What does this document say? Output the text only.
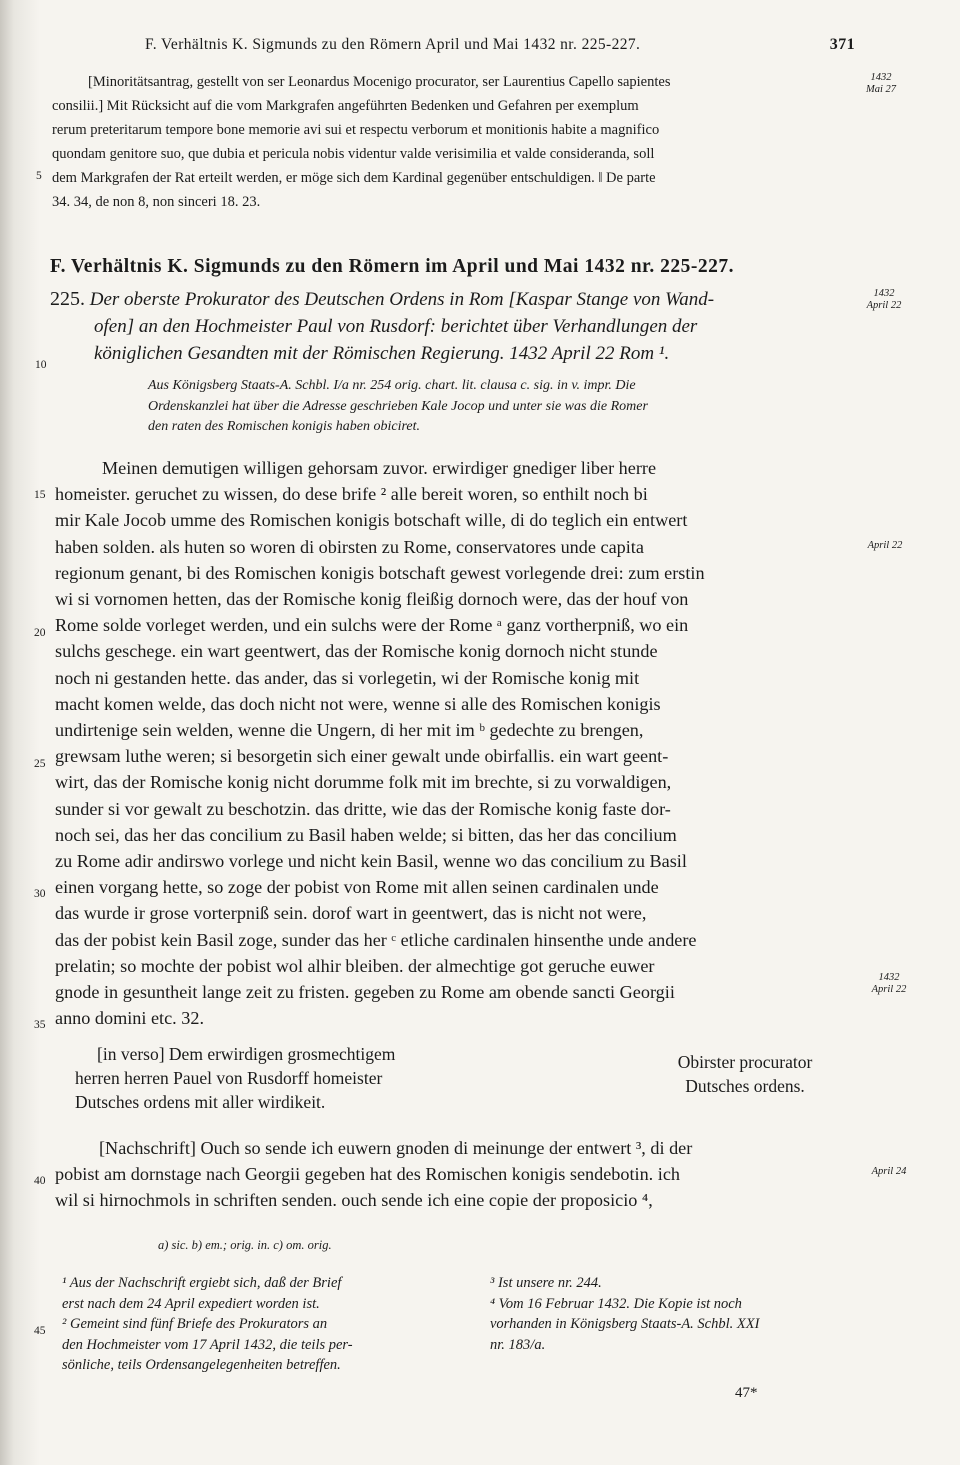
F. Verhältnis K. Sigmunds zu den Römern April und Mai 1432 nr. 225-227.	371

[Minoritätsantrag, gestellt von ser Leonardus Mocenigo procurator, ser Laurentius Capello sapientes

consilii.] Mit Rücksicht auf die vom Markgrafen angeführten Bedenken und Gefahren per exemplum

rerum preteritarum tempore bone memorie avi sui et respectu verborum et monitionis habite a magnifico

quondam genitore suo, que dubia et pericula nobis videntur valde verisimilia et valde consideranda, soll

dem Markgrafen der Rat erteilt werden, er möge sich dem Kardinal gegenüber entschuldigen. ‖ De parte

34. 34, de non 8, non sinceri 18. 23.

1432
Mai 27
5
F. Verhältnis K. Sigmunds zu den Römern im April und Mai 1432 nr. 225-227.
225. Der oberste Prokurator des Deutschen Ordens in Rom [Kaspar Stange von Wand-
ofen] an den Hochmeister Paul von Rusdorf: berichtet über Verhandlungen der
königlichen Gesandten mit der Römischen Regierung. 1432 April 22 Rom ¹.
1432
April 22
10

Aus Königsberg Staats-A. Schbl. I/a nr. 254 orig. chart. lit. clausa c. sig. in v. impr. Die

Ordenskanzlei hat über die Adresse geschrieben Kale Jocop und unter sie was die Romer

den raten des Romischen konigis haben obiciret.

Meinen demutigen willigen gehorsam zuvor. erwirdiger gnediger liber herre

homeister. geruchet zu wissen, do dese brife ² alle bereit woren, so enthilt noch bi

mir Kale Jocob umme des Romischen konigis botschaft wille, di do teglich ein entwert

haben solden. als huten so woren di obirsten zu Rome, conservatores unde capita

regionum genant, bi des Romischen konigis botschaft gewest vorlegende drei: zum erstin

wi si vornomen hetten, das der Romische konig fleißig dornoch were, das der houf von

Rome solde vorleget werden, und ein sulchs were der Rome ᵃ ganz vortherpniß, wo ein

sulchs geschege. ein wart geentwert, das der Romische konig dornoch nicht stunde

noch ni gestanden hette. das ander, das si vorlegetin, wi der Romische konig mit

macht komen welde, das doch nicht not were, wenne si alle des Romischen konigis

undirtenige sein welden, wenne die Ungern, di her mit im ᵇ gedechte zu brengen,

grewsam luthe weren; si besorgetin sich einer gewalt unde obirfallis. ein wart geent-

wirt, das der Romische konig nicht dorumme folk mit im brechte, si zu vorwaldigen,

sunder si vor gewalt zu beschotzin. das dritte, wie das der Romische konig faste dor-

noch sei, das her das concilium zu Basil haben welde; si bitten, das her das concilium

zu Rome adir andirswo vorlege und nicht kein Basil, wenne wo das concilium zu Basil

einen vorgang hette, so zoge der pobist von Rome mit allen seinen cardinalen unde

das wurde ir grose vorterpniß sein. dorof wart in geentwert, das is nicht not were,

das der pobist kein Basil zoge, sunder das her ᶜ etliche cardinalen hinsenthe unde andere

prelatin; so mochte der pobist wol alhir bleiben. der almechtige got geruche euwer

gnode in gesuntheit lange zeit zu fristen. gegeben zu Rome am obende sancti Georgii

anno domini etc. 32.

15
20
25
30
35
April 22
1432
April 22

[in verso] Dem erwirdigen grosmechtigem

herren herren Pauel von Rusdorff homeister

Dutsches ordens mit aller wirdikeit.

Obirster procurator
Dutsches ordens.

[Nachschrift] Ouch so sende ich euwern gnoden di meinunge der entwert ³, di der

pobist am dornstage nach Georgii gegeben hat des Romischen konigis sendebotin. ich

wil si hirnochmols in schriften senden. ouch sende ich eine copie der proposicio ⁴,

40
April 24
a) sic. b) em.; orig. in. c) om. orig.

¹ Aus der Nachschrift ergiebt sich, daß der Brief

erst nach dem 24 April expediert worden ist.

² Gemeint sind fünf Briefe des Prokurators an

den Hochmeister vom 17 April 1432, die teils per-

sönliche, teils Ordensangelegenheiten betreffen.

45

³ Ist unsere nr. 244.

⁴ Vom 16 Februar 1432. Die Kopie ist noch

vorhanden in Königsberg Staats-A. Schbl. XXI

nr. 183/a.

47*
